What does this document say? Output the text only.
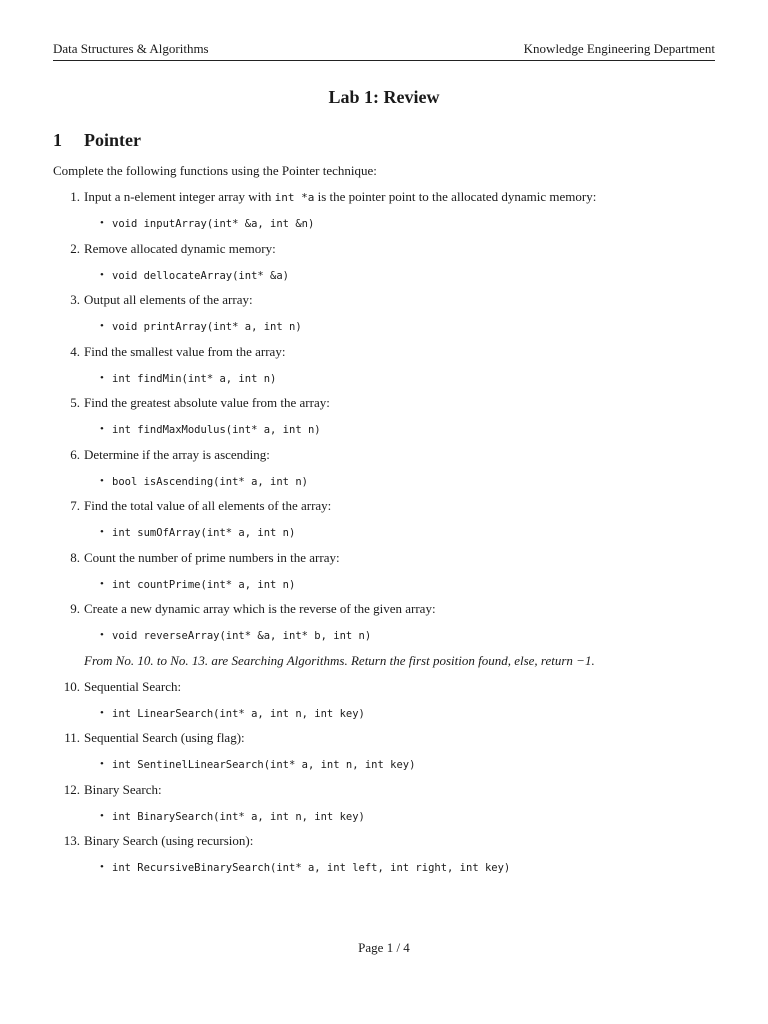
Data Structures & Algorithms	Knowledge Engineering Department
Lab 1: Review
1 Pointer
Complete the following functions using the Pointer technique:
1. Input a n-element integer array with int *a is the pointer point to the allocated dynamic memory:
• void inputArray(int* &a, int &n)
2. Remove allocated dynamic memory:
• void dellocateArray(int* &a)
3. Output all elements of the array:
• void printArray(int* a, int n)
4. Find the smallest value from the array:
• int findMin(int* a, int n)
5. Find the greatest absolute value from the array:
• int findMaxModulus(int* a, int n)
6. Determine if the array is ascending:
• bool isAscending(int* a, int n)
7. Find the total value of all elements of the array:
• int sumOfArray(int* a, int n)
8. Count the number of prime numbers in the array:
• int countPrime(int* a, int n)
9. Create a new dynamic array which is the reverse of the given array:
• void reverseArray(int* &a, int* b, int n)
From No. 10. to No. 13. are Searching Algorithms. Return the first position found, else, return −1.
10. Sequential Search:
• int LinearSearch(int* a, int n, int key)
11. Sequential Search (using flag):
• int SentinelLinearSearch(int* a, int n, int key)
12. Binary Search:
• int BinarySearch(int* a, int n, int key)
13. Binary Search (using recursion):
• int RecursiveBinarySearch(int* a, int left, int right, int key)
Page 1 / 4
